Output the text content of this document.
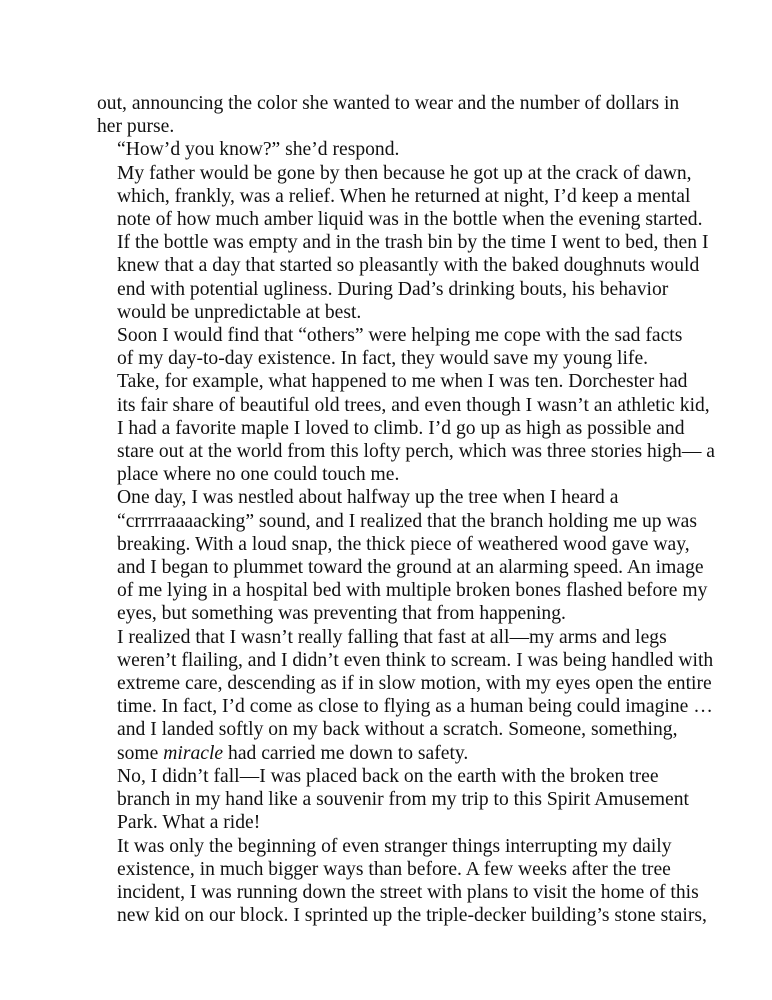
out, announcing the color she wanted to wear and the number of dollars in
her purse.

“How’d you know?” she’d respond.

My father would be gone by then because he got up at the crack of dawn,
which, frankly, was a relief. When he returned at night, I’d keep a mental
note of how much amber liquid was in the bottle when the evening started.
If the bottle was empty and in the trash bin by the time I went to bed, then I
knew that a day that started so pleasantly with the baked doughnuts would
end with potential ugliness. During Dad’s drinking bouts, his behavior
would be unpredictable at best.

Soon I would find that “others” were helping me cope with the sad facts
of my day-to-day existence. In fact, they would save my young life.

Take, for example, what happened to me when I was ten. Dorchester had
its fair share of beautiful old trees, and even though I wasn’t an athletic kid,
I had a favorite maple I loved to climb. I’d go up as high as possible and
stare out at the world from this lofty perch, which was three stories high— a
place where no one could touch me.

One day, I was nestled about halfway up the tree when I heard a
“crrrrraaaacking” sound, and I realized that the branch holding me up was
breaking. With a loud snap, the thick piece of weathered wood gave way,
and I began to plummet toward the ground at an alarming speed. An image
of me lying in a hospital bed with multiple broken bones flashed before my
eyes, but something was preventing that from happening.

I realized that I wasn’t really falling that fast at all—my arms and legs
weren’t flailing, and I didn’t even think to scream. I was being handled with
extreme care, descending as if in slow motion, with my eyes open the entire
time. In fact, I’d come as close to flying as a human being could imagine …
and I landed softly on my back without a scratch. Someone, something,
some miracle had carried me down to safety.

No, I didn’t fall—I was placed back on the earth with the broken tree
branch in my hand like a souvenir from my trip to this Spirit Amusement
Park. What a ride!

It was only the beginning of even stranger things interrupting my daily
existence, in much bigger ways than before. A few weeks after the tree
incident, I was running down the street with plans to visit the home of this
new kid on our block. I sprinted up the triple-decker building’s stone stairs,
